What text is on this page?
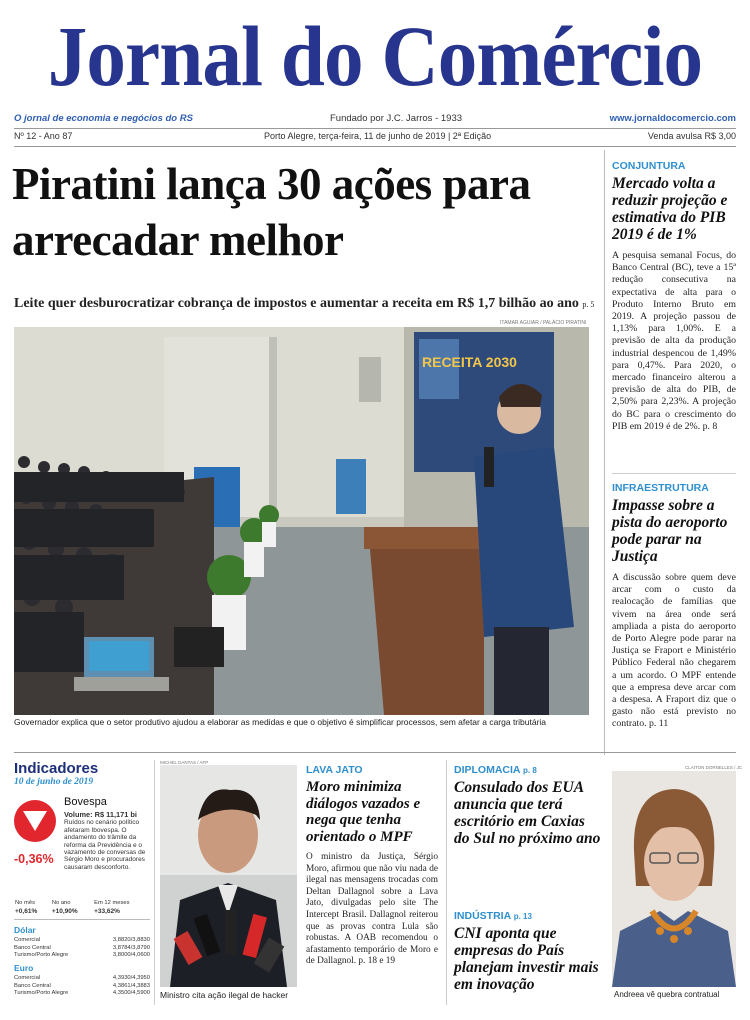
Jornal do Comércio
O jornal de economia e negócios do RS	Fundado por J.C. Jarros - 1933	www.jornaldocomercio.com
Nº 12 - Ano 87	Porto Alegre, terça-feira, 11 de junho de 2019 | 2ª Edição	Venda avulsa R$ 3,00
Piratini lança 30 ações para arrecadar melhor
Leite quer desburocratizar cobrança de impostos e aumentar a receita em R$ 1,7 bilhão ao ano p. 5
ITAMAR AGUIAR / PALÁCIO PIRATINI
RECEITA 2030
Governador explica que o setor produtivo ajudou a elaborar as medidas e que o objetivo é simplificar processos, sem afetar a carga tributária
CONJUNTURA
Mercado volta a reduzir projeção e estimativa do PIB 2019 é de 1%
A pesquisa semanal Focus, do Banco Central (BC), teve a 15ª redução consecutiva na expectativa de alta para o Produto Interno Bruto em 2019. A projeção passou de 1,13% para 1,00%. E a previsão de alta da produção industrial despencou de 1,49% para 0,47%. Para 2020, o mercado financeiro alterou a previsão de alta do PIB, de 2,50% para 2,23%. A projeção do BC para o crescimento do PIB em 2019 é de 2%. p. 8
INFRAESTRUTURA
Impasse sobre a pista do aeroporto pode parar na Justiça
A discussão sobre quem deve arcar com o custo da realocação de famílias que vivem na área onde será ampliada a pista do aeroporto de Porto Alegre pode parar na Justiça se Fraport e Ministério Público Federal não chegarem a um acordo. O MPF entende que a empresa deve arcar com a despesa. A Fraport diz que o gasto não está previsto no contrato. p. 11
Indicadores
10 de junho de 2019
Bovespa
Volume: R$ 11,171 bi
Ruídos no cenário político afetaram Ibovespa. O andamento do trâmite da reforma da Previdência e o vazamento de conversas de Sérgio Moro e procuradores causaram desconforto.
-0,36%
No mês	No ano	Em 12 meses
+0,61%	+10,90%	+33,62%
Dólar
Comercial	3,8820/3,8830
Banco Central	3,8784/3,8790
Turismo/Porto Alegre	3,8000/4,0600
Euro
Comercial	4,3930/4,3950
Banco Central	4,3861/4,3883
Turismo/Porto Alegre	4,3500/4,5900
MICHEL DANTAS / AFP
Ministro cita ação ilegal de hacker
LAVA JATO
Moro minimiza diálogos vazados e nega que tenha orientado o MPF
O ministro da Justiça, Sérgio Moro, afirmou que não viu nada de ilegal nas mensagens trocadas com Deltan Dallagnol sobre a Lava Jato, divulgadas pelo site The Intercept Brasil. Dallagnol reiterou que as provas contra Lula são robustas. A OAB recomendou o afastamento temporário de Moro e de Dallagnol. p. 18 e 19
DIPLOMACIA p. 8
Consulado dos EUA anuncia que terá escritório em Caxias do Sul no próximo ano
INDÚSTRIA p. 13
CNI aponta que empresas do País planejam investir mais em inovação
CLAITON DORNELLES / JC
Andreea vê quebra contratual
